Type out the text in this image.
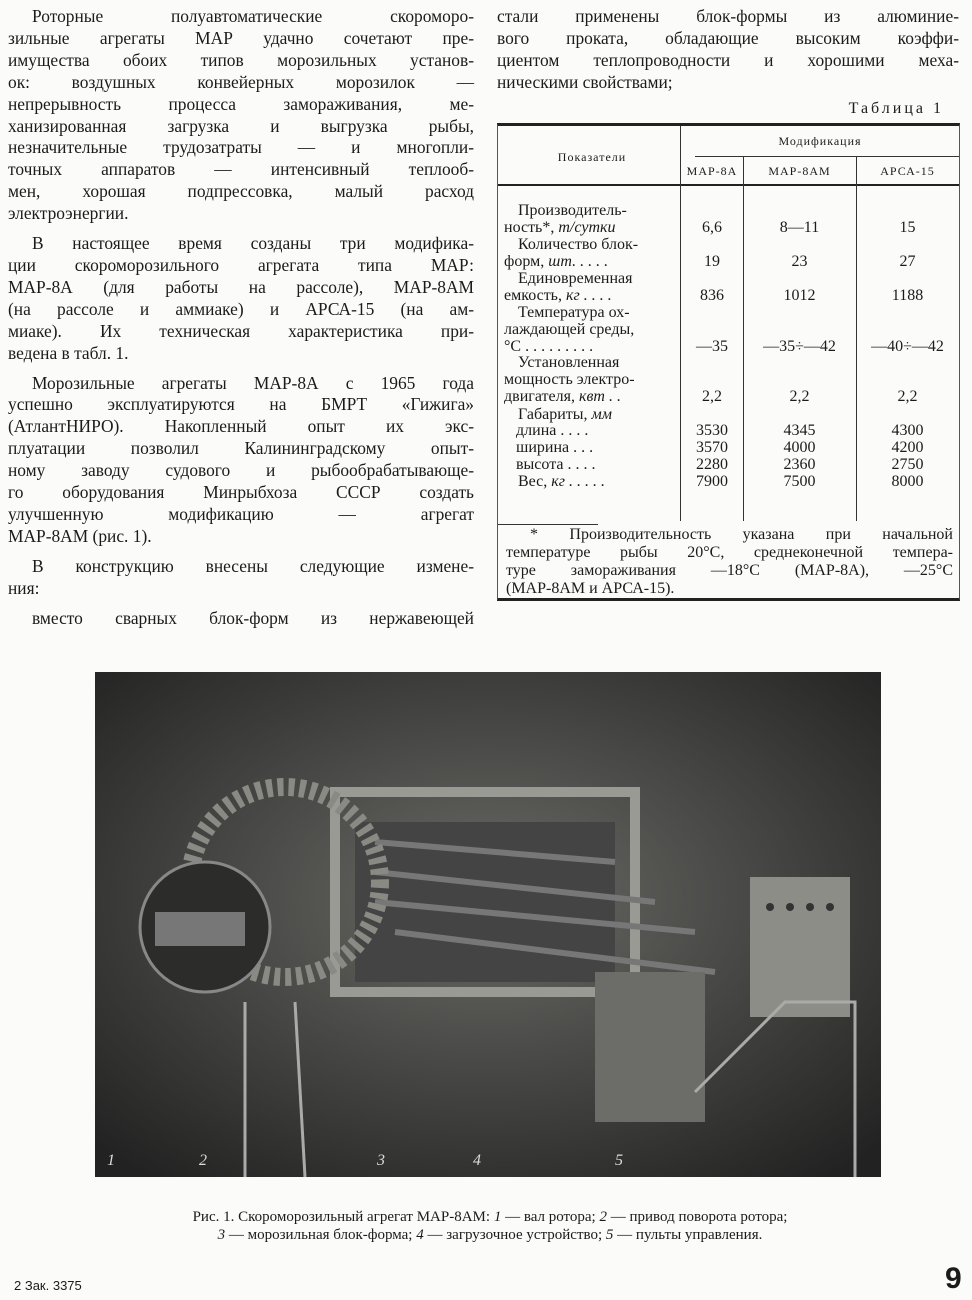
Роторные полуавтоматические скороморо-
зильные агрегаты МАР удачно сочетают пре-
имущества обоих типов морозильных установ-
ок: воздушных конвейерных морозилок —
непрерывность процесса замораживания, ме-
ханизированная загрузка и выгрузка рыбы,
незначительные трудозатраты — и многопли-
точных аппаратов — интенсивный теплооб-
мен, хорошая подпрессовка, малый расход
электроэнергии.
В настоящее время созданы три модифика-
ции скороморозильного агрегата типа МАР:
МАР-8А (для работы на рассоле), МАР-8АМ
(на рассоле и аммиаке) и АРСА-15 (на ам-
миаке). Их техническая характеристика при-
ведена в табл. 1.
Морозильные агрегаты МАР-8А с 1965 года
успешно эксплуатируются на БМРТ «Гижига»
(АтлантНИРО). Накопленный опыт их экс-
плуатации позволил Калининградскому опыт-
ному заводу судового и рыбообрабатывающе-
го оборудования Минрыбхоза СССР создать
улучшенную модификацию — агрегат
МАР-8АМ (рис. 1).
В конструкцию внесены следующие измене-
ния:
вместо сварных блок-форм из нержавеющей
стали применены блок-формы из алюминие-
вого проката, обладающие высоким коэффи-
циентом теплопроводности и хорошими меха-
ническими свойствами;
Таблица 1
Показатели
Модификация
МАР-8А	МАР-8АМ	АРСА-15
Производитель-
ность*, т/сутки	6,6	8—11	15
Количество блок-
форм, шт. . . . .	19	23	27
Единовременная
емкость, кг . . . .	836	1012	1188
Температура ох-
лаждающей среды,
°С . . . . . . . . .	—35	—35÷—42	—40÷—42
Установленная
мощность электро-
двигателя, квт . .	2,2	2,2	2,2
Габариты, мм
длина . . . .	3530	4345	4300
ширина . . .	3570	4000	4200
высота . . . .	2280	2360	2750
Вес, кг . . . . .	7900	7500	8000
* Производительность указана при начальной
температуре рыбы 20°С, среднеконечной темпера-
туре замораживания —18°С (МАР-8А), —25°С
(МАР-8АМ и АРСА-15).
1	2	3	4	5
Рис. 1. Скороморозильный агрегат МАР-8АМ: 1 — вал ротора; 2 — привод поворота ротора;
3 — морозильная блок-форма; 4 — загрузочное устройство; 5 — пульты управления.
2 Зак. 3375	9
